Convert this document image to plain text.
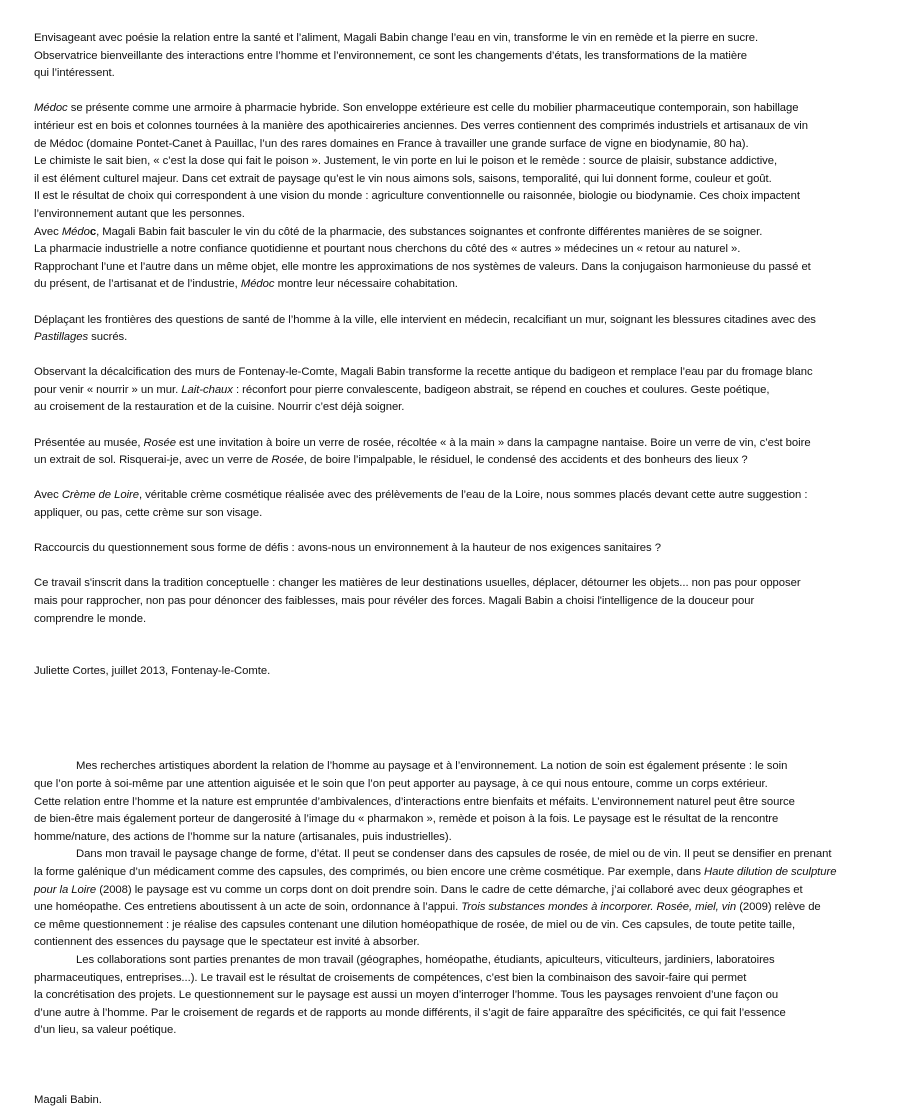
Envisageant avec poésie la relation entre la santé et l’aliment, Magali Babin change l’eau en vin, transforme le vin en remède et la pierre en sucre.
Observatrice bienveillante des interactions entre l’homme et l’environnement, ce sont les changements d’états, les transformations de la matière
qui l’intéressent.

Médoc se présente comme une armoire à pharmacie hybride. Son enveloppe extérieure est celle du mobilier pharmaceutique contemporain, son habillage
intérieur est en bois et colonnes tournées à la manière des apothicaireries anciennes. Des verres contiennent des comprimés industriels et artisanaux de vin
de Médoc (domaine Pontet-Canet à Pauillac, l’un des rares domaines en France à travailler une grande surface de vigne en biodynamie, 80 ha).
Le chimiste le sait bien, « c’est la dose qui fait le poison ». Justement, le vin porte en lui le poison et le remède : source de plaisir, substance addictive,
il est élément culturel majeur. Dans cet extrait de paysage qu’est le vin nous aimons sols, saisons, temporalité, qui lui donnent forme, couleur et goût.
Il est le résultat de choix qui correspondent à une vision du monde : agriculture conventionnelle ou raisonnée, biologie ou biodynamie. Ces choix impactent
l’environnement autant que les personnes.
Avec Médoc, Magali Babin fait basculer le vin du côté de la pharmacie, des substances soignantes et confronte différentes manières de se soigner.
La pharmacie industrielle a notre confiance quotidienne et pourtant nous cherchons du côté des « autres » médecines un « retour au naturel ».
Rapprochant l’une et l’autre dans un même objet, elle montre les approximations de nos systèmes de valeurs. Dans la conjugaison harmonieuse du passé et
du présent, de l’artisanat et de l’industrie, Médoc montre leur nécessaire cohabitation.

Déplaçant les frontières des questions de santé de l’homme à la ville, elle intervient en médecin, recalcifiant un mur, soignant les blessures citadines avec des
Pastillages sucrés.

Observant la décalcification des murs de Fontenay-le-Comte, Magali Babin transforme la recette antique du badigeon et remplace l’eau par du fromage blanc
pour venir « nourrir » un mur. Lait-chaux : réconfort pour pierre convalescente, badigeon abstrait, se répend en couches et coulures. Geste poétique,
au croisement de la restauration et de la cuisine. Nourrir c’est déjà soigner.

Présentée au musée, Rosée est une invitation à boire un verre de rosée, récoltée « à la main » dans la campagne nantaise. Boire un verre de vin, c’est boire
un extrait de sol. Risquerai-je, avec un verre de Rosée, de boire l’impalpable, le résiduel, le condensé des accidents et des bonheurs des lieux ?

Avec Crème de Loire, véritable crème cosmétique réalisée avec des prélèvements de l’eau de la Loire, nous sommes placés devant cette autre suggestion :
appliquer, ou pas, cette crème sur son visage.

Raccourcis du questionnement sous forme de défis : avons-nous un environnement à la hauteur de nos exigences sanitaires ?

Ce travail s'inscrit dans la tradition conceptuelle : changer les matières de leur destinations usuelles, déplacer, détourner les objets... non pas pour opposer
mais pour rapprocher, non pas pour dénoncer des faiblesses, mais pour révéler des forces. Magali Babin a choisi l'intelligence de la douceur pour
comprendre le monde.

Juliette Cortes, juillet 2013, Fontenay-le-Comte.

Mes recherches artistiques abordent la relation de l’homme au paysage et à l’environnement. La notion de soin est également présente : le soin
que l’on porte à soi-même par une attention aiguisée et le soin que l’on peut apporter au paysage, à ce qui nous entoure, comme un corps extérieur.
Cette relation entre l’homme et la nature est empruntée d’ambivalences, d’interactions entre bienfaits et méfaits. L’environnement naturel peut être source
de bien-être mais également porteur de dangerosité à l’image du « pharmakon », remède et poison à la fois. Le paysage est le résultat de la rencontre
homme/nature, des actions de l’homme sur la nature (artisanales, puis industrielles).

Dans mon travail le paysage change de forme, d’état. Il peut se condenser dans des capsules de rosée, de miel ou de vin. Il peut se densifier en prenant
la forme galénique d’un médicament comme des capsules, des comprimés, ou bien encore une crème cosmétique. Par exemple, dans Haute dilution de sculpture
pour la Loire (2008) le paysage est vu comme un corps dont on doit prendre soin. Dans le cadre de cette démarche, j’ai collaboré avec deux géographes et
une homéopathe. Ces entretiens aboutissent à un acte de soin, ordonnance à l’appui. Trois substances mondes à incorporer. Rosée, miel, vin (2009) relève de
ce même questionnement : je réalise des capsules contenant une dilution homéopathique de rosée, de miel ou de vin. Ces capsules, de toute petite taille,
contiennent des essences du paysage que le spectateur est invité à absorber.

Les collaborations sont parties prenantes de mon travail (géographes, homéopathe, étudiants, apiculteurs, viticulteurs, jardiniers, laboratoires
pharmaceutiques, entreprises...). Le travail est le résultat de croisements de compétences, c’est bien la combinaison des savoir-faire qui permet
la concrétisation des projets. Le questionnement sur le paysage est aussi un moyen d’interroger l’homme. Tous les paysages renvoient d’une façon ou
d’une autre à l’homme. Par le croisement de regards et de rapports au monde différents, il s’agit de faire apparaître des spécificités, ce qui fait l’essence
d’un lieu, sa valeur poétique.

Magali Babin.
